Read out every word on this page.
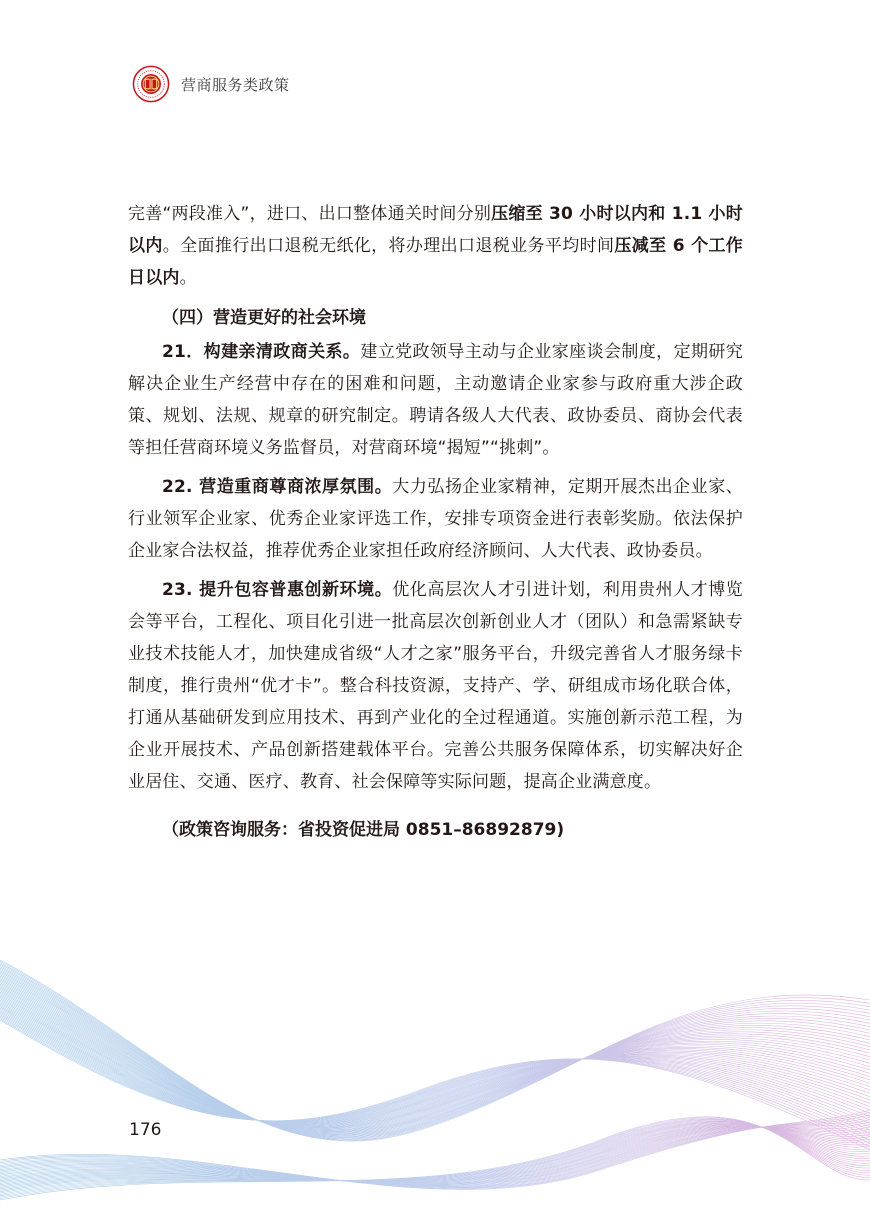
营商服务类政策

完善“两段准入”，进口、出口整体通关时间分别压缩至 30 小时以内和 1.1 小时以内。全面推行出口退税无纸化，将办理出口退税业务平均时间压减至 6 个工作日以内。

（四）营造更好的社会环境

21．构建亲清政商关系。建立党政领导主动与企业家座谈会制度，定期研究解决企业生产经营中存在的困难和问题，主动邀请企业家参与政府重大涉企政策、规划、法规、规章的研究制定。聘请各级人大代表、政协委员、商协会代表等担任营商环境义务监督员，对营商环境“揭短”“挑刺”。

22. 营造重商尊商浓厚氛围。大力弘扬企业家精神，定期开展杰出企业家、行业领军企业家、优秀企业家评选工作，安排专项资金进行表彰奖励。依法保护企业家合法权益，推荐优秀企业家担任政府经济顾问、人大代表、政协委员。

23. 提升包容普惠创新环境。优化高层次人才引进计划，利用贵州人才博览会等平台，工程化、项目化引进一批高层次创新创业人才（团队）和急需紧缺专业技术技能人才，加快建成省级“人才之家”服务平台，升级完善省人才服务绿卡制度，推行贵州“优才卡”。整合科技资源，支持产、学、研组成市场化联合体，打通从基础研发到应用技术、再到产业化的全过程通道。实施创新示范工程，为企业开展技术、产品创新搭建载体平台。完善公共服务保障体系，切实解决好企业居住、交通、医疗、教育、社会保障等实际问题，提高企业满意度。

（政策咨询服务：省投资促进局 0851–86892879)
176
